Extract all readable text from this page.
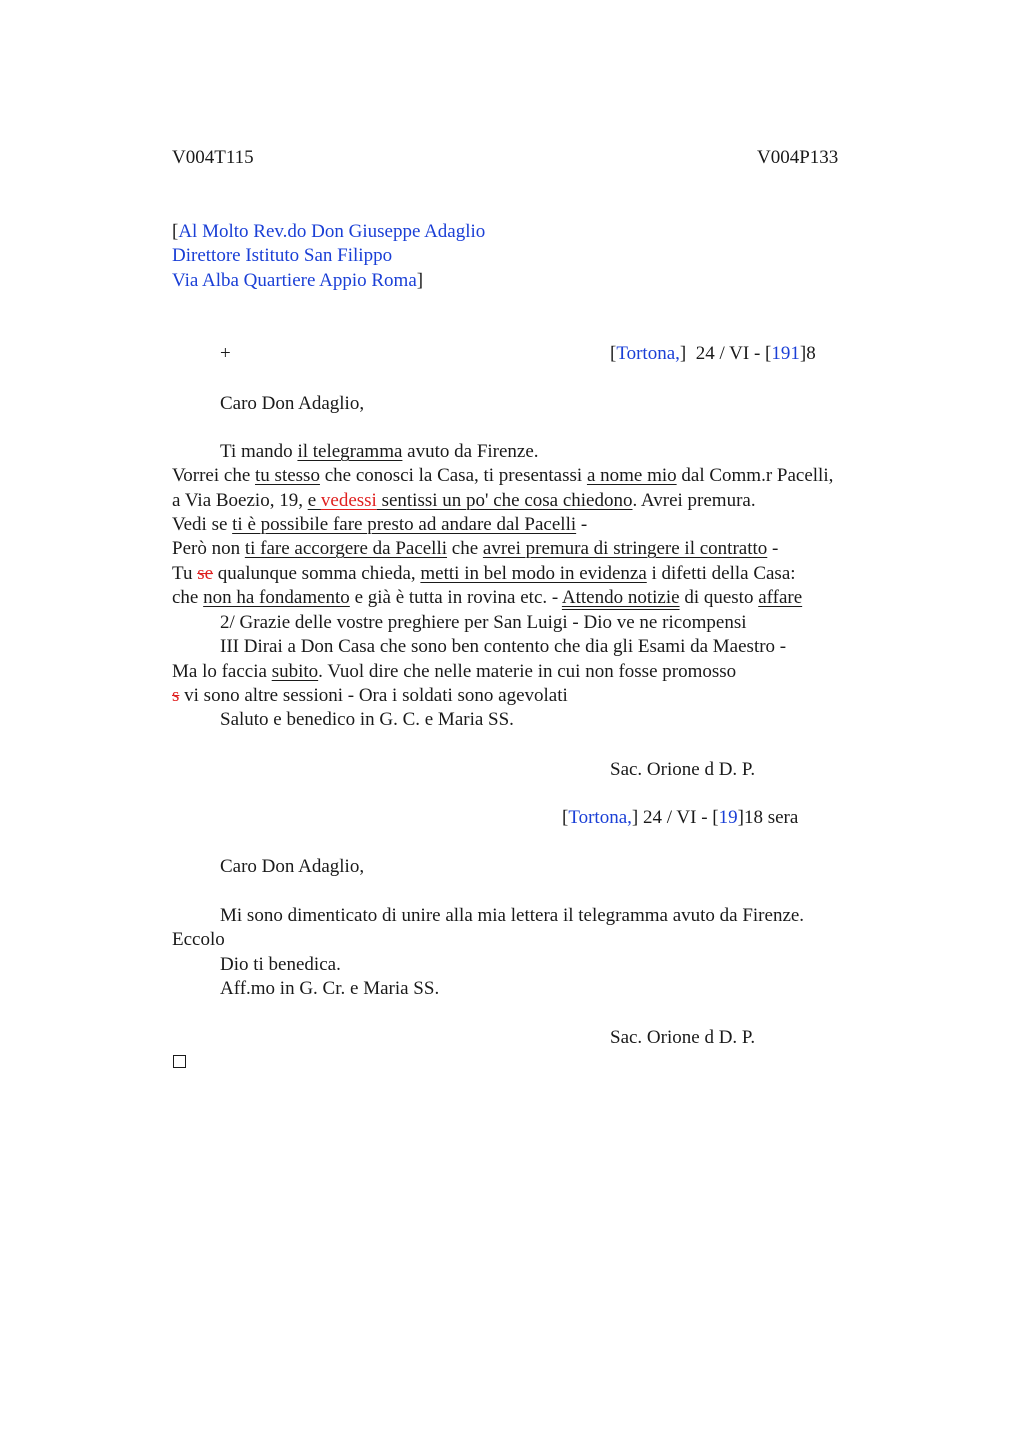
V004T115	V004P133
[Al Molto Rev.do Don Giuseppe Adaglio
Direttore Istituto San Filippo
Via Alba Quartiere Appio Roma]
+	[Tortona,]  24 / VI - [191]8
Caro Don Adaglio,
Ti mando il telegramma avuto da Firenze.
Vorrei che tu stesso che conosci la Casa, ti presentassi a nome mio dal Comm.r Pacelli,
a Via Boezio, 19, e vedessi sentissi un po' che cosa chiedono. Avrei premura.
Vedi se ti è possibile fare presto ad andare dal Pacelli -
Però non ti fare accorgere da Pacelli che avrei premura di stringere il contratto -
Tu se qualunque somma chieda, metti in bel modo in evidenza i difetti della Casa:
che non ha fondamento e già è tutta in rovina etc. - Attendo notizie di questo affare
2/ Grazie delle vostre preghiere per San Luigi - Dio ve ne ricompensi
III Dirai a Don Casa che sono ben contento che dia gli Esami da Maestro -
Ma lo faccia subito. Vuol dire che nelle materie in cui non fosse promosso
s vi sono altre sessioni - Ora i soldati sono agevolati
Saluto e benedico in G. C. e Maria SS.
Sac. Orione d D. P.
[Tortona,] 24 / VI - [19]18 sera
Caro Don Adaglio,
Mi sono dimenticato di unire alla mia lettera il telegramma avuto da Firenze.
Eccolo
Dio ti benedica.
Aff.mo in G. Cr. e Maria SS.
Sac. Orione d D. P.
